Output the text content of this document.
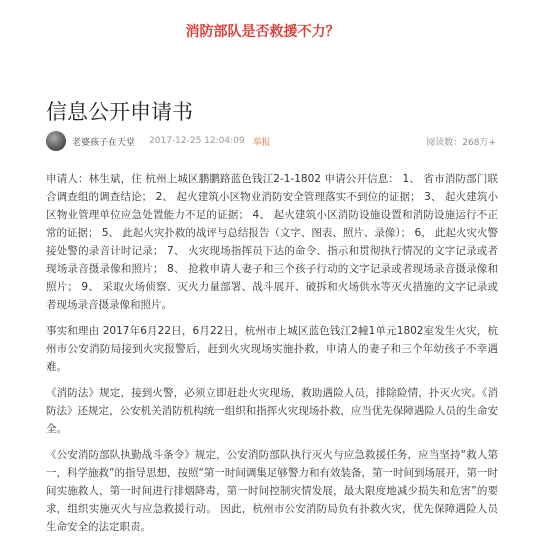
消防部队是否救援不力？
信息公开申请书
老婆孩子在天堂 2017-12-25 12:04:09 举报	阅读数：268万+

申请人：林生斌，住 杭州上城区鹏鹏路蓝色钱江2-1-1802 申请公开信息： 1、 省市消防部门联合调查组的调查结论； 2、 起火建筑小区物业消防安全管理落实不到位的证据； 3、 起火建筑小区物业管理单位应急处置能力不足的证据； 4、 起火建筑小区消防设施设置和消防设施运行不正常的证据； 5、 此起火灾扑救的战评与总结报告（文字、图表、照片、录像）； 6、 此起火灾火警接处警的录音计时记录； 7、 火灾现场指挥员下达的命令、指示和贯彻执行情况的文字记录或者现场录音摄录像和照片； 8、 抢救申请人妻子和三个孩子行动的文字记录或者现场录音摄录像和照片； 9、 采取火场侦察、灭火力量部署、战斗展开、破拆和火场供水等灭火措施的文字记录或者现场录音摄录像和照片。

事实和理由 2017年6月22日，6月22日，杭州市上城区蓝色钱江2幢1单元1802室发生火灾，杭州市公安消防局接到火灾报警后，赶到火灾现场实施扑救，申请人的妻子和三个年幼孩子不幸遇难。

《消防法》规定，接到火警，必须立即赶赴火灾现场，救助遇险人员，排除险情，扑灭火灾。《消防法》还规定，公安机关消防机构统一组织和指挥火灾现场扑救，应当优先保障遇险人员的生命安全。

《公安消防部队执勤战斗条令》规定，公安消防部队执行灭火与应急救援任务，应当坚持“救人第一，科学施救”的指导思想，按照“第一时间调集足够警力和有效装备，第一时间到场展开，第一时间实施救人，第一时间进行排烟降毒，第一时间控制灾情发展，最大限度地减少损失和危害”的要求，组织实施灭火与应急救援行动。 因此，杭州市公安消防局负有扑救火灾，优先保障遇险人员生命安全的法定职责。
